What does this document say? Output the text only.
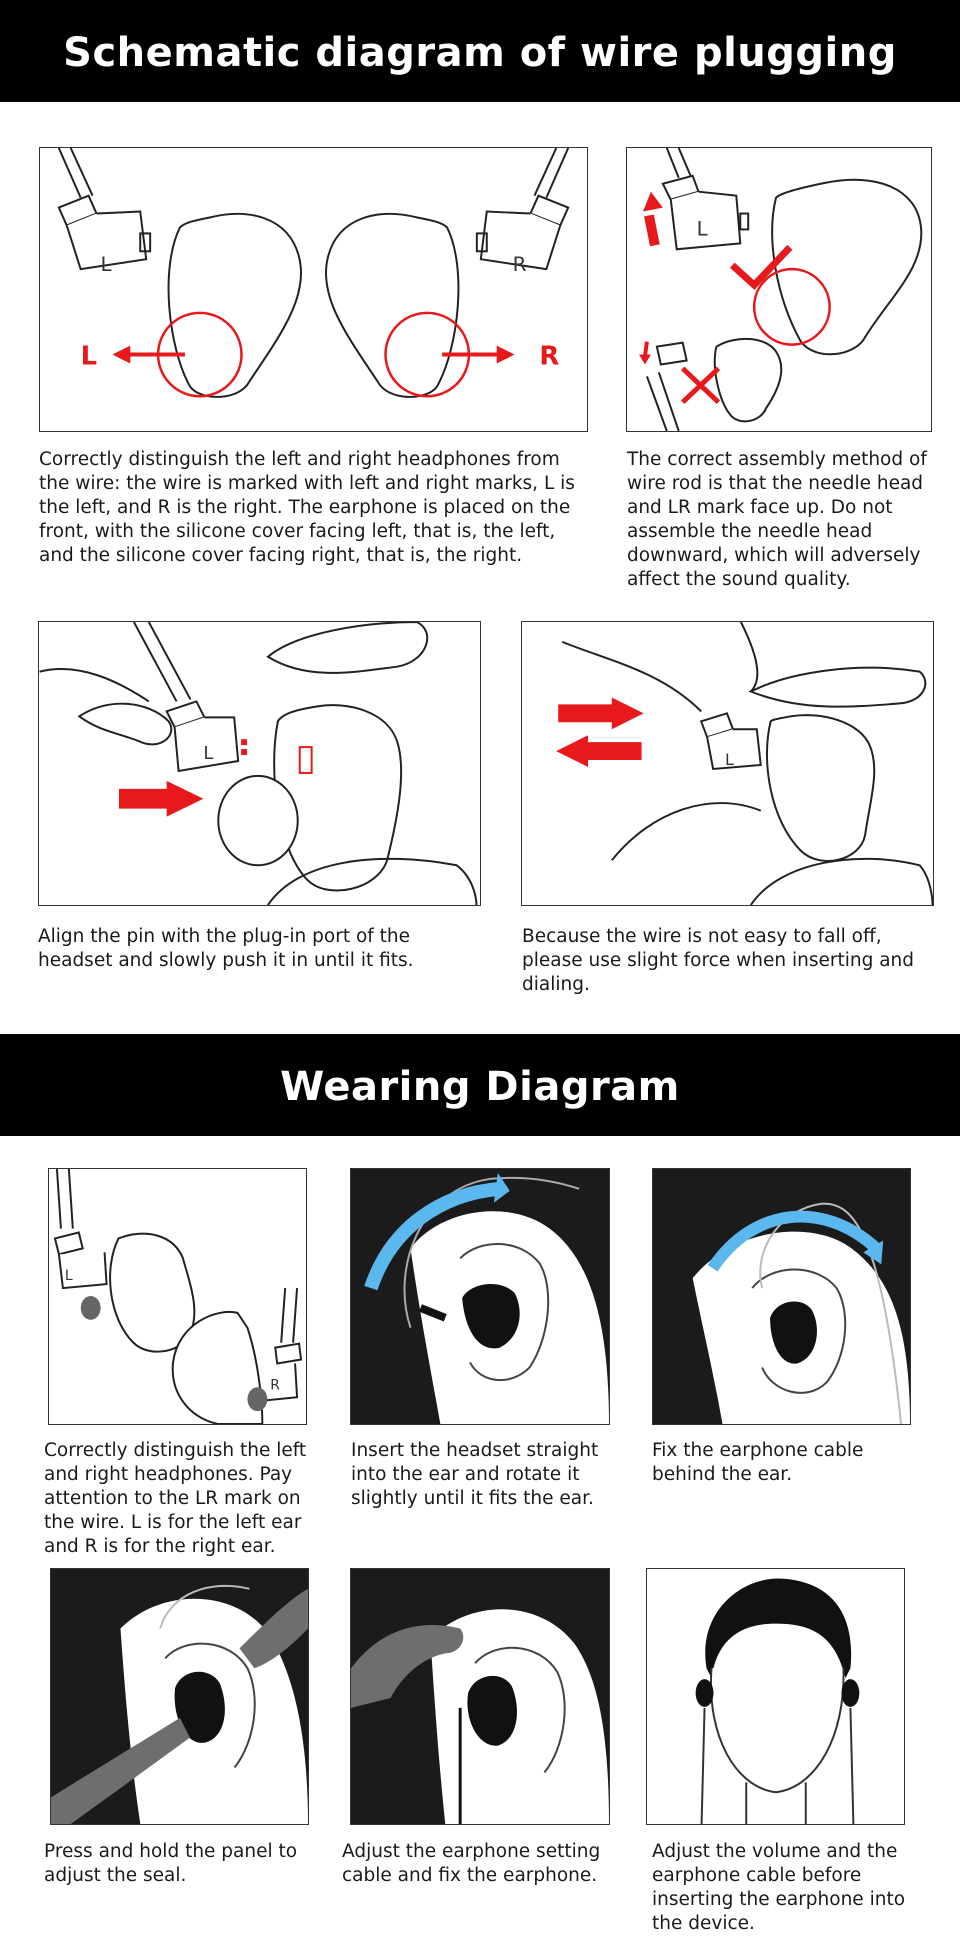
Schematic diagram of wire plugging
L	R
L	R
L
Correctly distinguish the left and right headphones from the wire: the wire is marked with left and right marks, L is the left, and R is the right. The earphone is placed on the front, with the silicone cover facing left, that is, the left, and the silicone cover facing right, that is, the right.
The correct assembly method of wire rod is that the needle head and LR mark face up. Do not assemble the needle head downward, which will adversely affect the sound quality.
L	L
Align the pin with the plug-in port of the headset and slowly push it in until it fits.
Because the wire is not easy to fall off, please use slight force when inserting and dialing.
Wearing Diagram
L
R
Correctly distinguish the left and right headphones. Pay attention to the LR mark on the wire. L is for the left ear and R is for the right ear.
Insert the headset straight into the ear and rotate it slightly until it fits the ear.
Fix the earphone cable behind the ear.
Press and hold the panel to adjust the seal.
Adjust the earphone setting cable and fix the earphone.
Adjust the volume and the earphone cable before inserting the earphone into the device.
